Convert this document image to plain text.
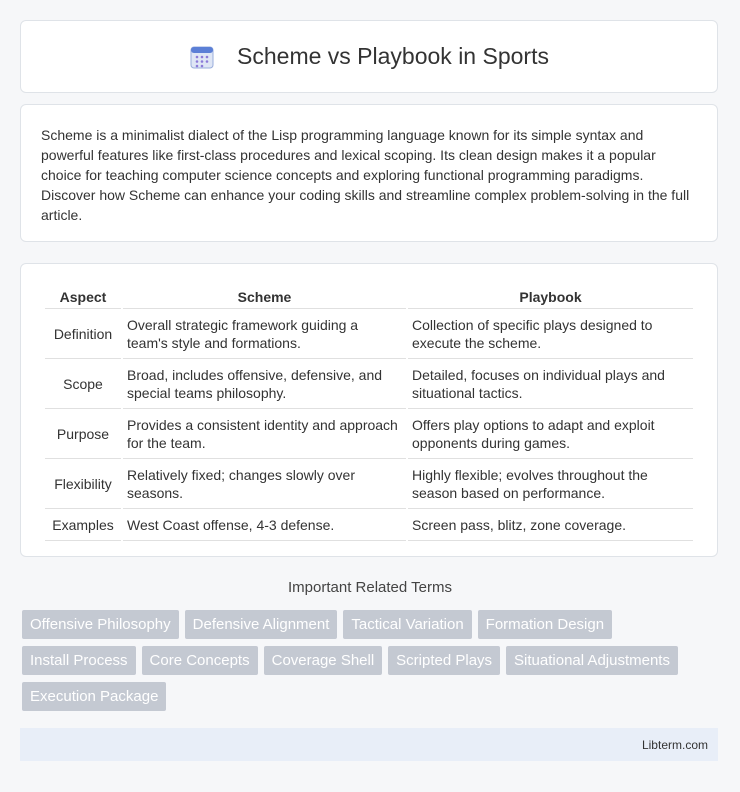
Scheme vs Playbook in Sports

Scheme is a minimalist dialect of the Lisp programming language known for its simple syntax and powerful features like first-class procedures and lexical scoping. Its clean design makes it a popular choice for teaching computer science concepts and exploring functional programming paradigms. Discover how Scheme can enhance your coding skills and streamline complex problem-solving in the full article.

Aspect	Scheme	Playbook
Definition	Overall strategic framework guiding a team's style and formations.	Collection of specific plays designed to execute the scheme.
Scope	Broad, includes offensive, defensive, and special teams philosophy.	Detailed, focuses on individual plays and situational tactics.
Purpose	Provides a consistent identity and approach for the team.	Offers play options to adapt and exploit opponents during games.
Flexibility	Relatively fixed; changes slowly over seasons.	Highly flexible; evolves throughout the season based on performance.
Examples	West Coast offense, 4-3 defense.	Screen pass, blitz, zone coverage.
Important Related Terms
Offensive Philosophy	Defensive Alignment	Tactical Variation	Formation Design
Install Process	Core Concepts	Coverage Shell	Scripted Plays	Situational Adjustments
Execution Package
Libterm.com
